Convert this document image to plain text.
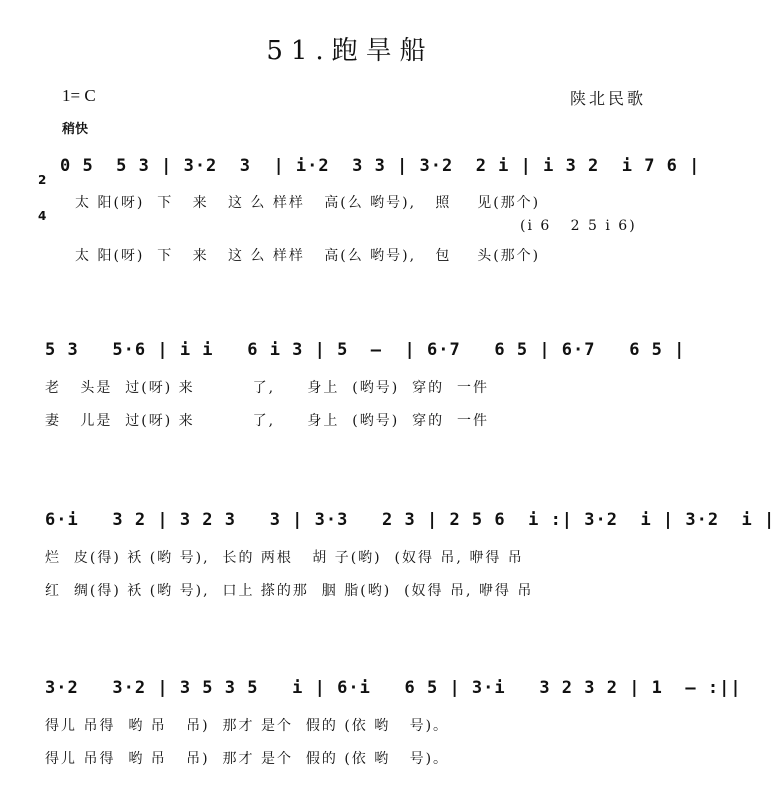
51.跑旱船
1= C
稍快
陕北民歌

2

4

0 5  5 3 | 3·2  3  | i·2  3 3 | 3·2  2 i | i 3 2  i 7 6 |
太 阳(呀)  下   来   这 么 样样   高(么 哟号),   照    见(那个)
(i 6   2 5 i 6)
太 阳(呀)  下   来   这 么 样样   高(么 哟号),   包    头(那个)
5 3   5·6 | i i   6 i 3 | 5  –  | 6·7   6 5 | 6·7   6 5 |
老   头是  过(呀) 来         了,     身上  (哟号)  穿的  一件
妻   儿是  过(呀) 来         了,     身上  (哟号)  穿的  一件
6·i   3 2 | 3 2 3   3 | 3·3   2 3 | 2 5 6  i :| 3·2  i | 3·2  i |
烂  皮(得) 袄 (哟 号),  长的 两根   胡 子(哟)  (奴得 吊, 咿得 吊
红  绸(得) 袄 (哟 号),  口上 搽的那  胭 脂(哟)  (奴得 吊, 咿得 吊
3·2   3·2 | 3 5 3 5   i | 6·i   6 5 | 3·i   3 2 3 2 | 1  – :||
得儿 吊得  哟 吊   吊)  那才 是个  假的 (依 哟   号)。
得儿 吊得  哟 吊   吊)  那才 是个  假的 (依 哟   号)。
